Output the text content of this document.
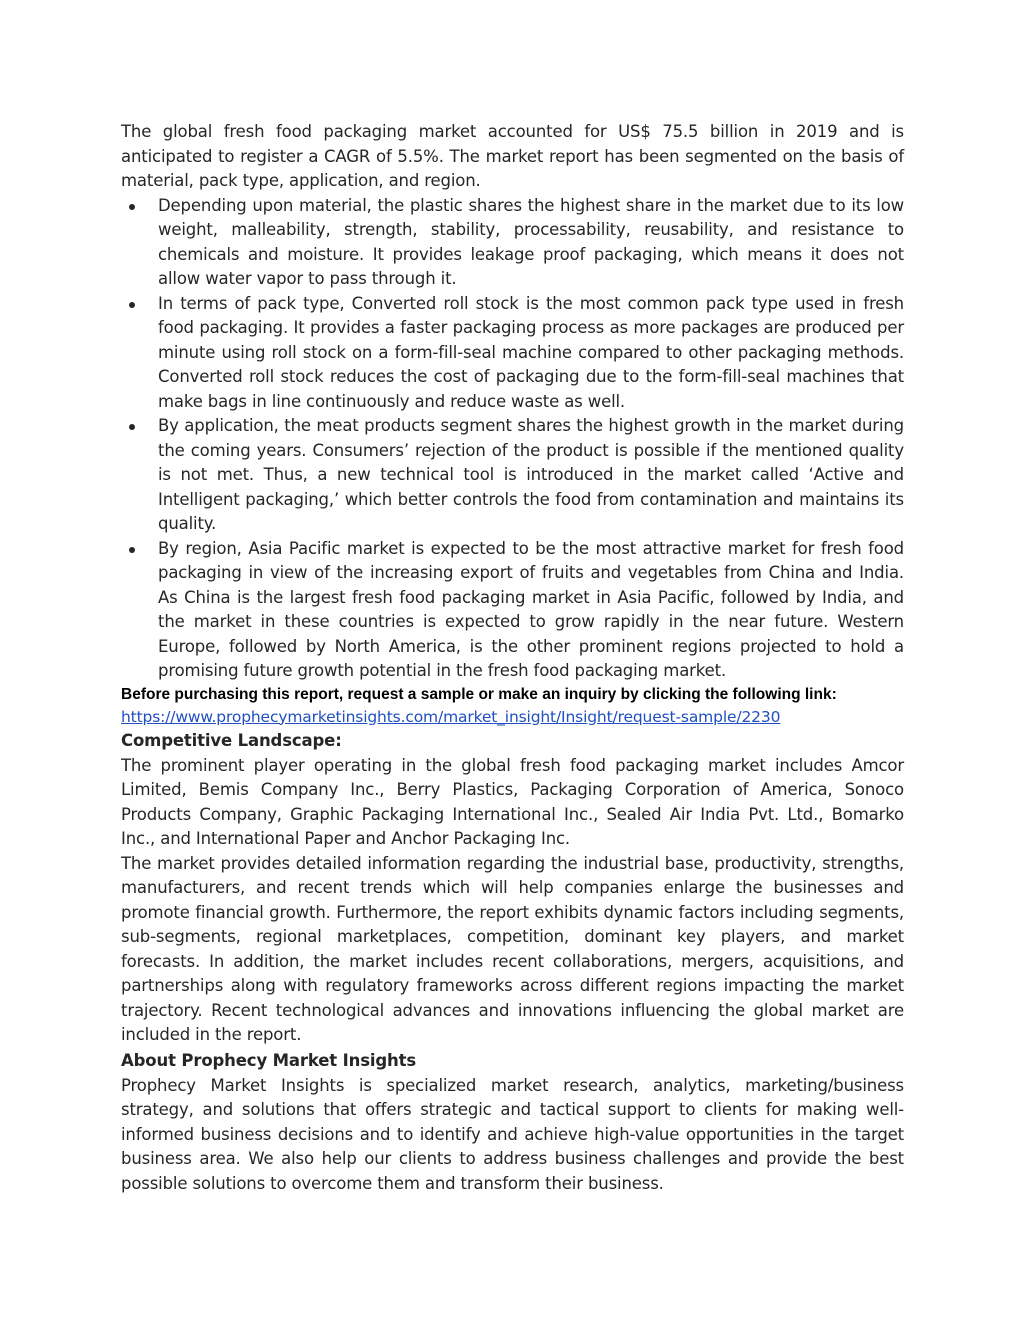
The global fresh food packaging market accounted for US$ 75.5 billion in 2019 and is anticipated to register a CAGR of 5.5%. The market report has been segmented on the basis of material, pack type, application, and region.

Depending upon material, the plastic shares the highest share in the market due to its low weight, malleability, strength, stability, processability, reusability, and resistance to chemicals and moisture. It provides leakage proof packaging, which means it does not allow water vapor to pass through it.
In terms of pack type, Converted roll stock is the most common pack type used in fresh food packaging. It provides a faster packaging process as more packages are produced per minute using roll stock on a form-fill-seal machine compared to other packaging methods. Converted roll stock reduces the cost of packaging due to the form-fill-seal machines that make bags in line continuously and reduce waste as well.
By application, the meat products segment shares the highest growth in the market during the coming years. Consumers’ rejection of the product is possible if the mentioned quality is not met. Thus, a new technical tool is introduced in the market called ‘Active and Intelligent packaging,’ which better controls the food from contamination and maintains its quality.
By region, Asia Pacific market is expected to be the most attractive market for fresh food packaging in view of the increasing export of fruits and vegetables from China and India. As China is the largest fresh food packaging market in Asia Pacific, followed by India, and the market in these countries is expected to grow rapidly in the near future. Western Europe, followed by North America, is the other prominent regions projected to hold a promising future growth potential in the fresh food packaging market.

Before purchasing this report, request a sample or make an inquiry by clicking the following link:

https://www.prophecymarketinsights.com/market_insight/Insight/request-sample/2230

Competitive Landscape:

The prominent player operating in the global fresh food packaging market includes Amcor Limited, Bemis Company Inc., Berry Plastics, Packaging Corporation of America, Sonoco Products Company, Graphic Packaging International Inc., Sealed Air India Pvt. Ltd., Bomarko Inc., and International Paper and Anchor Packaging Inc.

The market provides detailed information regarding the industrial base, productivity, strengths, manufacturers, and recent trends which will help companies enlarge the businesses and promote financial growth. Furthermore, the report exhibits dynamic factors including segments, sub-segments, regional marketplaces, competition, dominant key players, and market forecasts. In addition, the market includes recent collaborations, mergers, acquisitions, and partnerships along with regulatory frameworks across different regions impacting the market trajectory. Recent technological advances and innovations influencing the global market are included in the report.

About Prophecy Market Insights

Prophecy Market Insights is specialized market research, analytics, marketing/business strategy, and solutions that offers strategic and tactical support to clients for making well-informed business decisions and to identify and achieve high-value opportunities in the target business area. We also help our clients to address business challenges and provide the best possible solutions to overcome them and transform their business.
